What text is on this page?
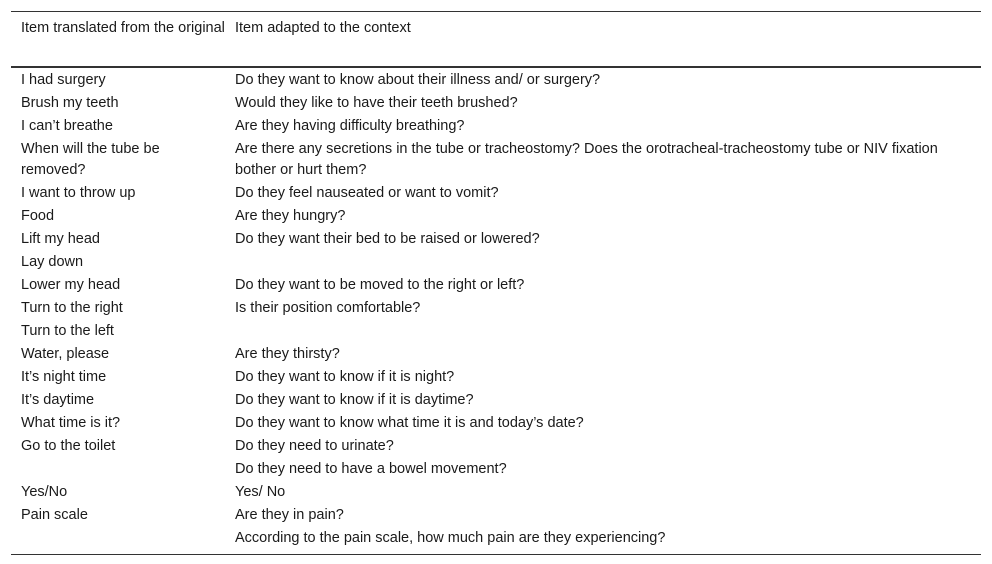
Item translated from the original	Item adapted to the context
I had surgery	Do they want to know about their illness and/ or surgery?
Brush my teeth	Would they like to have their teeth brushed?
I can’t breathe	Are they having difficulty breathing?
When will the tube be removed?	Are there any secretions in the tube or tracheostomy? Does the orotracheal-tracheostomy tube or NIV fixation bother or hurt them?
I want to throw up	Do they feel nauseated or want to vomit?
Food	Are they hungry?
Lift my head	Do they want their bed to be raised or lowered?
Lay down	
Lower my head	Do they want to be moved to the right or left?
Turn to the right	Is their position comfortable?
Turn to the left	
Water, please	Are they thirsty?
It’s night time	Do they want to know if it is night?
It’s daytime	Do they want to know if it is daytime?
What time is it?	Do they want to know what time it is and today’s date?
Go to the toilet	Do they need to urinate?
	Do they need to have a bowel movement?
Yes/No	Yes/ No
Pain scale	Are they in pain?
	According to the pain scale, how much pain are they experiencing?
